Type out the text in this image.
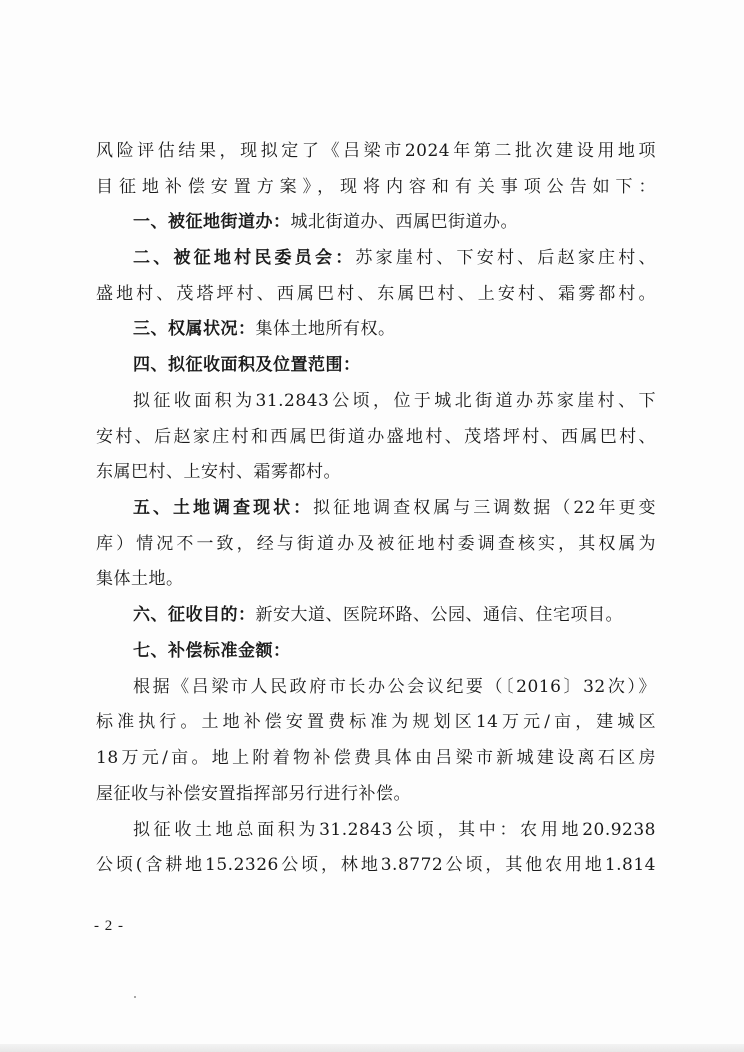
风险评估结果，现拟定了《吕梁市2024年第二批次建设用地项
目征地补偿安置方案》，现将内容和有关事项公告如下：
一、被征地街道办：城北街道办、西属巴街道办。
二、被征地村民委员会：苏家崖村、下安村、后赵家庄村、
盛地村、茂塔坪村、西属巴村、东属巴村、上安村、霜雾都村。
三、权属状况：集体土地所有权。
四、拟征收面积及位置范围：
拟征收面积为31.2843公顷，位于城北街道办苏家崖村、下
安村、后赵家庄村和西属巴街道办盛地村、茂塔坪村、西属巴村、
东属巴村、上安村、霜雾都村。
五、土地调查现状：拟征地调查权属与三调数据（22年更变
库）情况不一致，经与街道办及被征地村委调查核实，其权属为
集体土地。
六、征收目的：新安大道、医院环路、公园、通信、住宅项目。
七、补偿标准金额：
根据《吕梁市人民政府市长办公会议纪要（〔2016〕32次）》
标准执行。土地补偿安置费标准为规划区14万元/亩，建城区
18万元/亩。地上附着物补偿费具体由吕梁市新城建设离石区房
屋征收与补偿安置指挥部另行进行补偿。
拟征收土地总面积为31.2843公顷，其中：农用地20.9238
公顷(含耕地15.2326公顷，林地3.8772公顷，其他农用地1.814
- 2 -
